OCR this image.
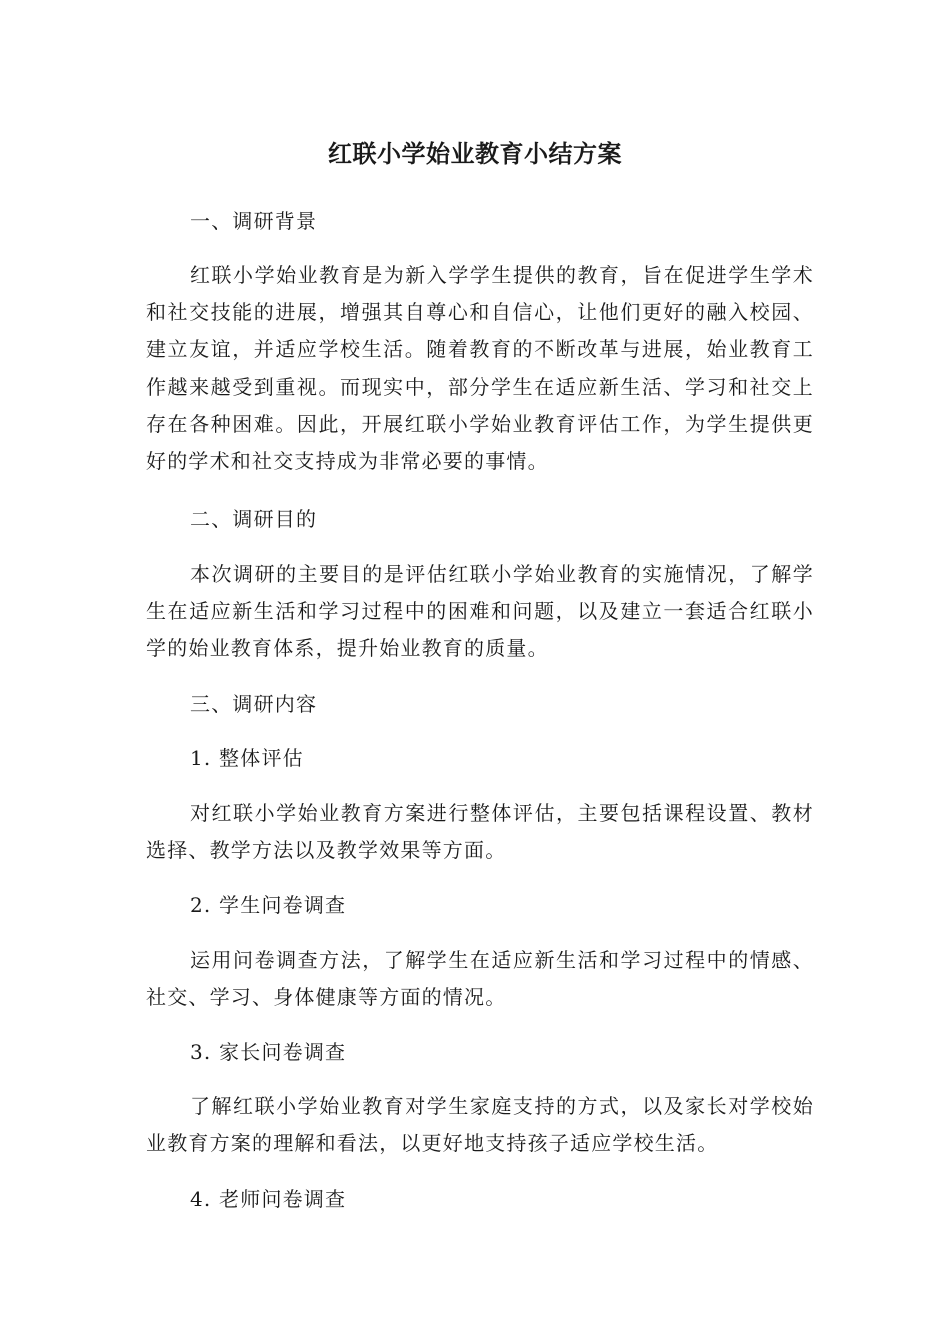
红联小学始业教育小结方案
一、调研背景
红联小学始业教育是为新入学学生提供的教育，旨在促进学生学术和社交技能的进展，增强其自尊心和自信心，让他们更好的融入校园、建立友谊，并适应学校生活。随着教育的不断改革与进展，始业教育工作越来越受到重视。而现实中，部分学生在适应新生活、学习和社交上存在各种困难。因此，开展红联小学始业教育评估工作，为学生提供更好的学术和社交支持成为非常必要的事情。
二、调研目的
本次调研的主要目的是评估红联小学始业教育的实施情况，了解学生在适应新生活和学习过程中的困难和问题，以及建立一套适合红联小学的始业教育体系，提升始业教育的质量。
三、调研内容
1. 整体评估
对红联小学始业教育方案进行整体评估，主要包括课程设置、教材选择、教学方法以及教学效果等方面。
2. 学生问卷调查
运用问卷调查方法，了解学生在适应新生活和学习过程中的情感、社交、学习、身体健康等方面的情况。
3. 家长问卷调查
了解红联小学始业教育对学生家庭支持的方式，以及家长对学校始业教育方案的理解和看法，以更好地支持孩子适应学校生活。
4. 老师问卷调查
